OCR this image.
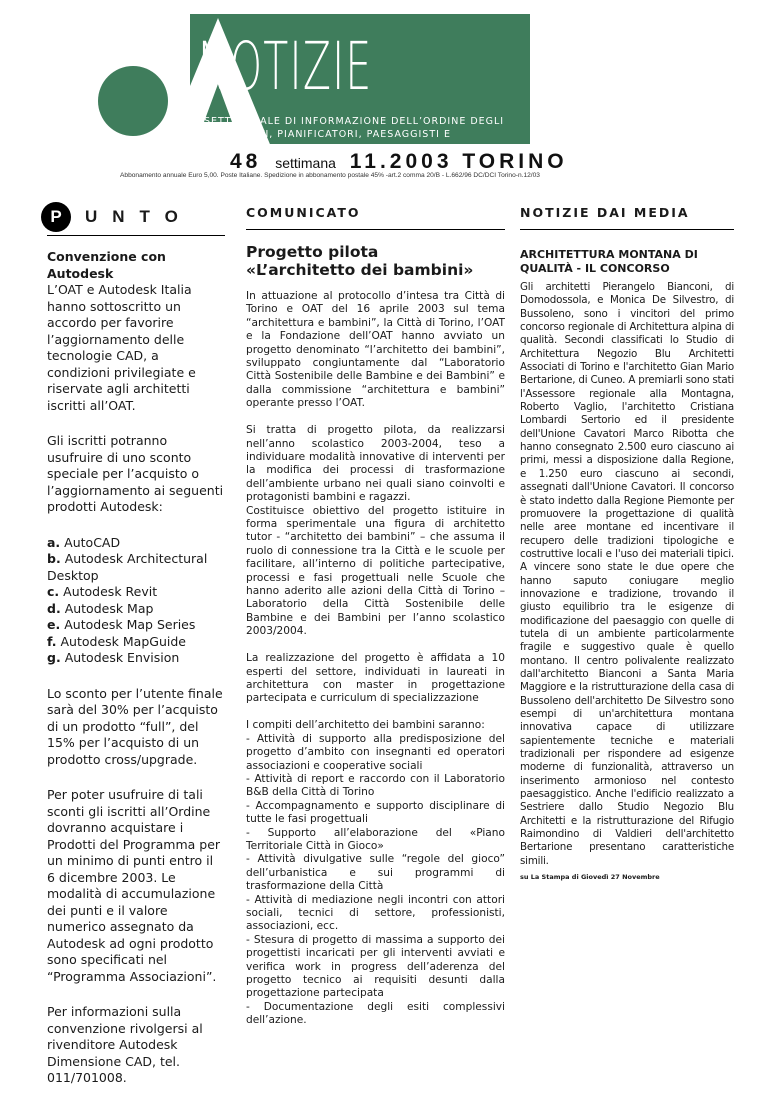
NOTIZIE
SETTIMANALE DI INFORMAZIONE DELL’ORDINE DEGLI ARCHITETTI, PIANIFICATORI, PAESAGGISTI E CONSERVATORI
48 settimana 11.2003 TORINO
Abbonamento annuale Euro 5,00. Poste Italiane. Spedizione in abbonamento postale 45% -art.2 comma 20/B - L.662/96 DC/DCI Torino-n.12/03
P	UNTO
Convenzione con Autodesk

L’OAT e Autodesk Italia hanno sottoscritto un accordo per favorire l’aggiornamento delle tecnologie CAD, a condizioni privilegiate e riservate agli architetti iscritti all’OAT.

Gli iscritti potranno usufruire di uno sconto speciale per l’acquisto o l’aggiornamento ai seguenti prodotti Autodesk:

a. AutoCAD
b. Autodesk Architectural Desktop
c. Autodesk Revit
d. Autodesk Map
e. Autodesk Map Series
f. Autodesk MapGuide
g. Autodesk Envision

Lo sconto per l’utente finale sarà del 30% per l’acquisto di un prodotto “full”, del 15% per l’acquisto di un prodotto cross/upgrade.

Per poter usufruire di tali sconti gli iscritti all’Ordine dovranno acquistare i Prodotti del Programma per un minimo di punti entro il 6 dicembre 2003. Le modalità di accumulazione dei punti e il valore numerico assegnato da Autodesk ad ogni prodotto sono specificati nel “Programma Associazioni”.

Per informazioni sulla convenzione rivolgersi al rivenditore Autodesk Dimensione CAD, tel. 011/701008.

COMUNICATO
Progetto pilota
«L’architetto dei bambini»

In attuazione al protocollo d’intesa tra Città di Torino e OAT del 16 aprile 2003 sul tema “architettura e bambini”, la Città di Torino, l’OAT e la Fondazione dell’OAT hanno avviato un progetto denominato “l’architetto dei bambini”, sviluppato congiuntamente dal “Laboratorio Città Sostenibile delle Bambine e dei Bambini” e dalla commissione “architettura e bambini” operante presso l’OAT.

Si tratta di progetto pilota, da realizzarsi nell’anno scolastico 2003-2004, teso a individuare modalità innovative di interventi per la modifica dei processi di trasformazione dell’ambiente urbano nei quali siano coinvolti e protagonisti bambini e ragazzi.

Costituisce obiettivo del progetto istituire in forma sperimentale una figura di architetto tutor - “architetto dei bambini” – che assuma il ruolo di connessione tra la Città e le scuole per facilitare, all’interno di politiche partecipative, processi e fasi progettuali nelle Scuole che hanno aderito alle azioni della Città di Torino – Laboratorio della Città Sostenibile delle Bambine e dei Bambini per l’anno scolastico 2003/2004.

La realizzazione del progetto è affidata a 10 esperti del settore, individuati in laureati in architettura con master in progettazione partecipata e curriculum di specializzazione

I compiti dell’architetto dei bambini saranno:
- Attività di supporto alla predisposizione del progetto d’ambito con insegnanti ed operatori associazioni e cooperative sociali
- Attività di report e raccordo con il Laboratorio B&B della Città di Torino
- Accompagnamento e supporto disciplinare di tutte le fasi progettuali
- Supporto all’elaborazione del «Piano Territoriale Città in Gioco»
- Attività divulgative sulle “regole del gioco” dell’urbanistica e sui programmi di trasformazione della Città
- Attività di mediazione negli incontri con attori sociali, tecnici di settore, professionisti, associazioni, ecc.
- Stesura di progetto di massima a supporto dei progettisti incaricati per gli interventi avviati e verifica work in progress dell’aderenza del progetto tecnico ai requisiti desunti dalla progettazione partecipata
- Documentazione degli esiti complessivi dell’azione.
NOTIZIE DAI MEDIA
ARCHITETTURA MONTANA DI QUALITÀ - IL CONCORSO
Gli architetti Pierangelo Bianconi, di Domodossola, e Monica De Silvestro, di Bussoleno, sono i vincitori del primo concorso regionale di Architettura alpina di qualità. Secondi classificati lo Studio di Architettura Negozio Blu Architetti Associati di Torino e l'architetto Gian Mario Bertarione, di Cuneo. A premiarli sono stati l'Assessore regionale alla Montagna, Roberto Vaglio, l'architetto Cristiana Lombardi Sertorio ed il presidente dell'Unione Cavatori Marco Ribotta che hanno consegnato 2.500 euro ciascuno ai primi, messi a disposizione dalla Regione, e 1.250 euro ciascuno ai secondi, assegnati dall'Unione Cavatori. Il concorso è stato indetto dalla Regione Piemonte per promuovere la progettazione di qualità nelle aree montane ed incentivare il recupero delle tradizioni tipologiche e costruttive locali e l'uso dei materiali tipici. A vincere sono state le due opere che hanno saputo coniugare meglio innovazione e tradizione, trovando il giusto equilibrio tra le esigenze di modificazione del paesaggio con quelle di tutela di un ambiente particolarmente fragile e suggestivo quale è quello montano. Il centro polivalente realizzato dall'architetto Bianconi a Santa Maria Maggiore e la ristrutturazione della casa di Bussoleno dell'architetto De Silvestro sono esempi di un'architettura montana innovativa capace di utilizzare sapientemente tecniche e materiali tradizionali per rispondere ad esigenze moderne di funzionalità, attraverso un inserimento armonioso nel contesto paesaggistico. Anche l'edificio realizzato a Sestriere dallo Studio Negozio Blu Architetti e la ristrutturazione del Rifugio Raimondino di Valdieri dell'architetto Bertarione presentano caratteristiche simili.
su La Stampa di Giovedì 27 Novembre
